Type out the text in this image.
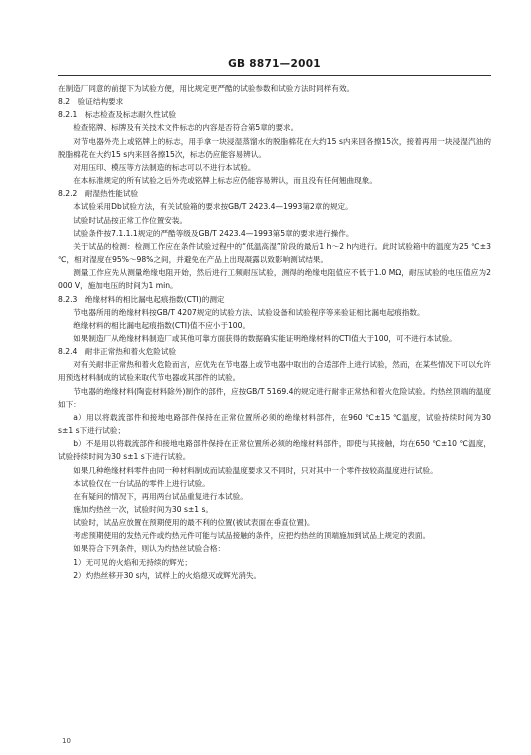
GB 8871—2001

在制造厂同意的前提下为试验方便，用比规定更严酷的试验参数和试验方法时同样有效。

8.2　验证结构要求

8.2.1　标志检查及标志耐久性试验

检查铭牌、标牌及有关技术文件标志的内容是否符合第5章的要求。

对节电器外壳上或铭牌上的标志，用手拿一块浸湿蒸馏水的脱脂棉花在大约15 s内来回各擦15次，接着再用一块浸湿汽油的脱脂棉花在大约15 s内来回各擦15次，标志仍应能容易辨认。

对用压印、模压等方法制造的标志可以不进行本试验。

在本标准规定的所有试验之后外壳或铭牌上标志应仍能容易辨认，而且没有任何翘曲现象。

8.2.2　耐湿热性能试验

本试验采用Db试验方法，有关试验箱的要求按GB/T 2423.4—1993第2章的规定。

试验时试品按正常工作位置安装。

试验条件按7.1.1.1规定的严酷等级及GB/T 2423.4—1993第5章的要求进行操作。

关于试品的检测：检测工作应在条件试验过程中的“低温高湿”阶段的最后1 h～2 h内进行。此时试验箱中的温度为25 ℃±3 ℃，相对湿度在95%～98%之间，并避免在产品上出现凝露以致影响测试结果。

测量工作应先从测量绝缘电阻开始，然后进行工频耐压试验，测得的绝缘电阻值应不低于1.0 MΩ，耐压试验的电压值应为2 000 V，施加电压的时间为1 min。

8.2.3　绝缘材料的相比漏电起痕指数(CTI)的测定

节电器所用的绝缘材料按GB/T 4207规定的试验方法、试验设备和试验程序等来验证相比漏电起痕指数。

绝缘材料的相比漏电起痕指数(CTI)值不应小于100。

如果制造厂从绝缘材料制造厂或其他可靠方面获得的数据确实能证明绝缘材料的CTI值大于100，可不进行本试验。

8.2.4　耐非正常热和着火危险试验

对有关耐非正常热和着火危险而言，应优先在节电器上或节电器中取出的合适部件上进行试验，然而，在某些情况下可以允许用预选材料制成的试验来取代节电器或其部件的试验。

节电器的绝缘材料(陶瓷材料除外)制作的部件，应按GB/T 5169.4的规定进行耐非正常热和着火危险试验。灼热丝顶端的温度如下：

a）用以将载流部件和接地电路部件保持在正常位置所必须的绝缘材料部件，在960 ℃±15 ℃温度，试验持续时间为30 s±1 s下进行试验；

b）不是用以将载流部件和接地电路部件保持在正常位置所必须的绝缘材料部件，即使与其接触，均在650 ℃±10 ℃温度，试验持续时间为30 s±1 s下进行试验。

如果几种绝缘材料零件由同一种材料制成而试验温度要求又不同时，只对其中一个零件按较高温度进行试验。

本试验仅在一台试品的零件上进行试验。

在有疑问的情况下，再用两台试品重复进行本试验。

施加灼热丝一次，试验时间为30 s±1 s。

试验时，试品应放置在预期使用的最不利的位置(被试表面在垂直位置)。

考虑预期使用的发热元件或灼热元件可能与试品接触的条件，应把灼热丝的顶端施加到试品上规定的表面。

如果符合下列条件，则认为灼热丝试验合格：

1）无可见的火焰和无持续的辉光；

2）灼热丝移开30 s内，试样上的火焰熄灭或辉光消失。

10
